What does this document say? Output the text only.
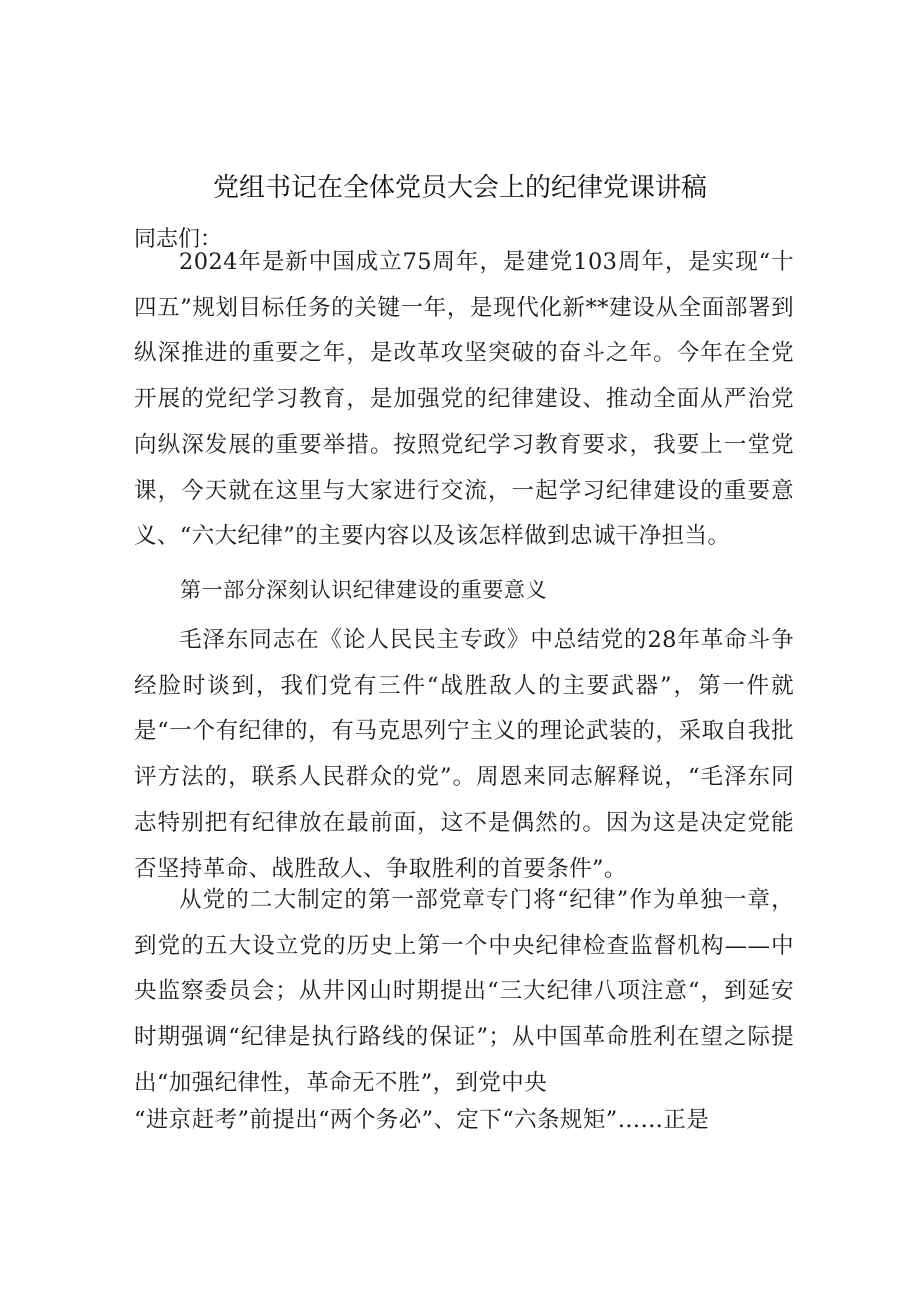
党组书记在全体党员大会上的纪律党课讲稿
同志们：
2024年是新中国成立75周年，是建党103周年，是实现“十四五”规划目标任务的关键一年，是现代化新**建设从全面部署到纵深推进的重要之年，是改革攻坚突破的奋斗之年。今年在全党开展的党纪学习教育，是加强党的纪律建设、推动全面从严治党向纵深发展的重要举措。按照党纪学习教育要求，我要上一堂党课，今天就在这里与大家进行交流，一起学习纪律建设的重要意义、“六大纪律”的主要内容以及该怎样做到忠诚干净担当。
第一部分深刻认识纪律建设的重要意义
毛泽东同志在《论人民民主专政》中总结党的28年革命斗争经脸时谈到，我们党有三件“战胜敌人的主要武器”，第一件就是“一个有纪律的，有马克思列宁主义的理论武装的，采取自我批评方法的，联系人民群众的党”。周恩来同志解释说，“毛泽东同志特别把有纪律放在最前面，这不是偶然的。因为这是决定党能否坚持革命、战胜敌人、争取胜利的首要条件”。
从党的二大制定的第一部党章专门将“纪律”作为单独一章，到党的五大设立党的历史上第一个中央纪律检查监督机构——中央监察委员会；从井冈山时期提出“三大纪律八项注意“，到延安时期强调“纪律是执行路线的保证”；从中国革命胜利在望之际提出“加强纪律性，革命无不胜”，到党中央
“进京赶考”前提出“两个务必”、定下“六条规矩”……正是
